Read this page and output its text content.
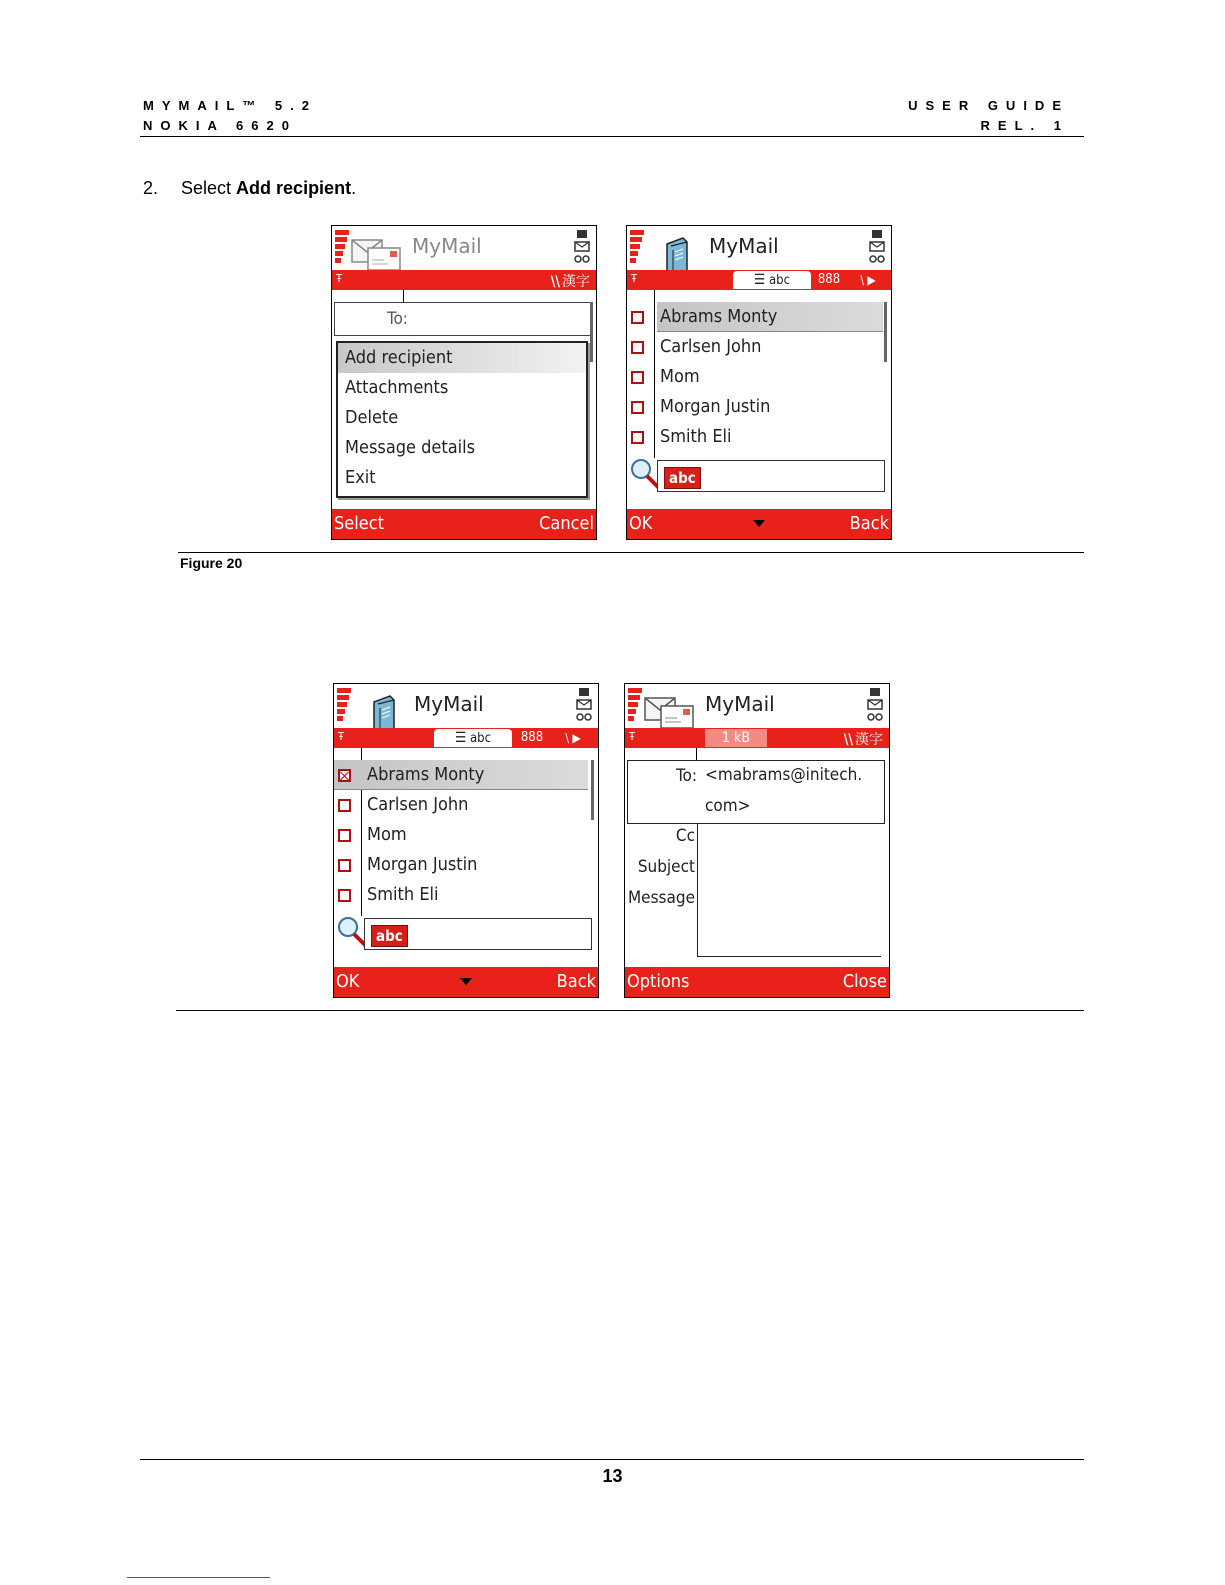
MYMAIL™ 5.2
NOKIA 6620
USER GUIDE
REL. 1
2. Select Add recipient.
MyMail
Ŧ	\\ 漢字
To:
Add recipient
Attachments
Delete
Message details
Exit
Select	Cancel
MyMail
Ŧ	☰ abc	888	\ ▶
Abrams Monty
Carlsen John
Mom
Morgan Justin
Smith Eli
abc
OK	Back
MyMail
Ŧ	☰ abc	888	\ ▶
Abrams Monty
Carlsen John
Mom
Morgan Justin
Smith Eli
abc
OK	Back
MyMail
Ŧ	1 kB	\\ 漢字
To: <mabrams@initech.
com>
Cc
Subject
Message
Options	Close
Figure 20
13
